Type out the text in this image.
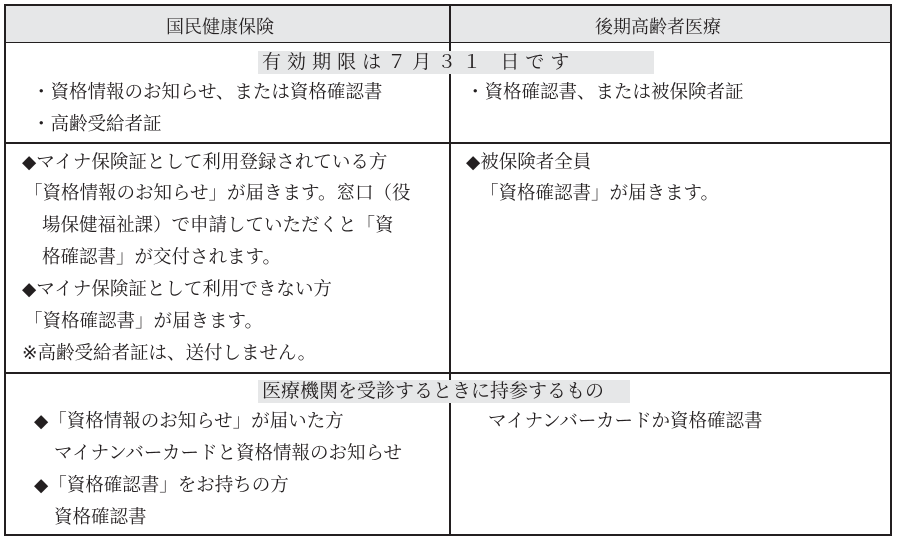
国民健康保険	後期高齢者医療
有 効 期 限 は ７ 月 ３ １　日 で す
・資格情報のお知らせ、または資格確認書
・高齢受給者証
・資格確認書、または被保険者証
◆マイナ保険証として利用登録されている方
「資格情報のお知らせ」が届きます。窓口（役
場保健福祉課）で申請していただくと「資
格確認書」が交付されます。
◆マイナ保険証として利用できない方
「資格確認書」が届きます。
※高齢受給者証は、送付しません。
◆被保険者全員
「資格確認書」が届きます。
医療機関を受診するときに持参するもの
◆「資格情報のお知らせ」が届いた方
マイナンバーカードと資格情報のお知らせ
◆「資格確認書」をお持ちの方
資格確認書
マイナンバーカードか資格確認書
